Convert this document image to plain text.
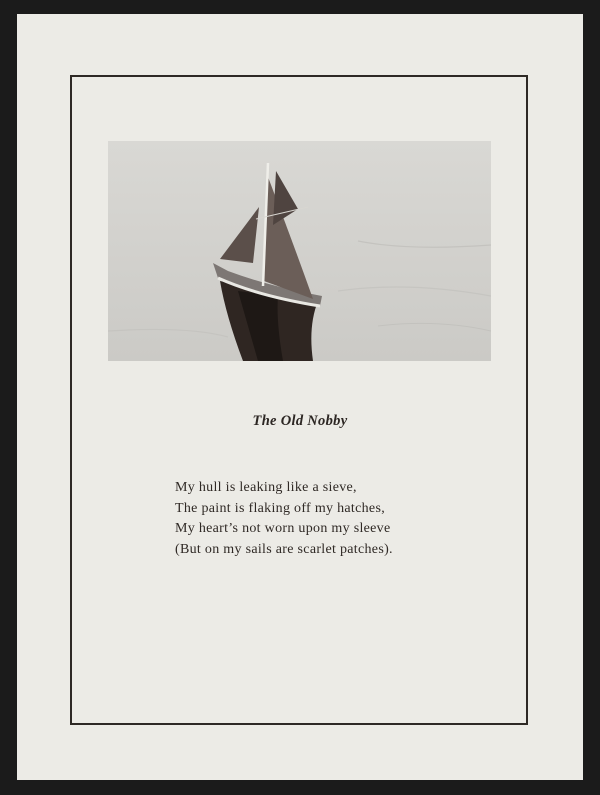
The Old Nobby
My hull is leaking like a sieve,
The paint is flaking off my hatches,
My heart’s not worn upon my sleeve
(But on my sails are scarlet patches).
